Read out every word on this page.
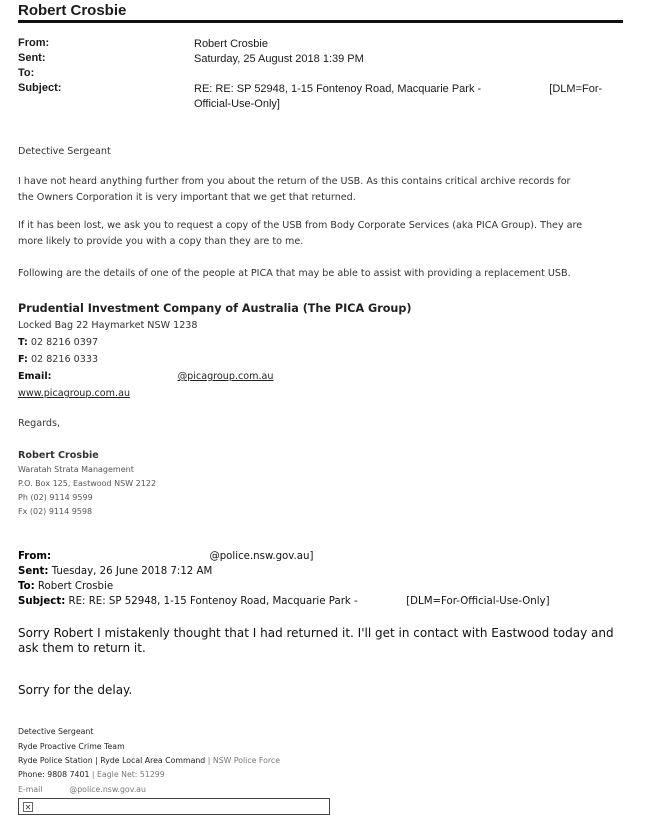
Robert Crosbie
From:	Robert Crosbie
Sent:	Saturday, 25 August 2018 1:39 PM
To:
Subject:	RE: RE: SP 52948, 1-15 Fontenoy Road, Macquarie Park -	[DLM=For-
Official-Use-Only]
Detective Sergeant
I have not heard anything further from you about the return of the USB. As this contains critical archive records for
the Owners Corporation it is very important that we get that returned.
If it has been lost, we ask you to request a copy of the USB from Body Corporate Services (aka PICA Group). They are
more likely to provide you with a copy than they are to me.
Following are the details of one of the people at PICA that may be able to assist with providing a replacement USB.
Prudential Investment Company of Australia (The PICA Group)
Locked Bag 22 Haymarket NSW 1238
T: 02 8216 0397
F: 02 8216 0333
Email:	@picagroup.com.au
www.picagroup.com.au
Regards,
Robert Crosbie
Waratah Strata Management
P.O. Box 125, Eastwood NSW 2122
Ph (02) 9114 9599
Fx (02) 9114 9598
From:	@police.nsw.gov.au]
Sent: Tuesday, 26 June 2018 7:12 AM
To: Robert Crosbie
Subject: RE: RE: SP 52948, 1-15 Fontenoy Road, Macquarie Park -	[DLM=For-Official-Use-Only]
Sorry Robert I mistakenly thought that I had returned it. I'll get in contact with Eastwood today and
ask them to return it.
Sorry for the delay.
Detective Sergeant
Ryde Proactive Crime Team
Ryde Police Station | Ryde Local Area Command | NSW Police Force
Phone: 9808 7401 | Eagle Net: 51299
E-mail	@police.nsw.gov.au
✕
